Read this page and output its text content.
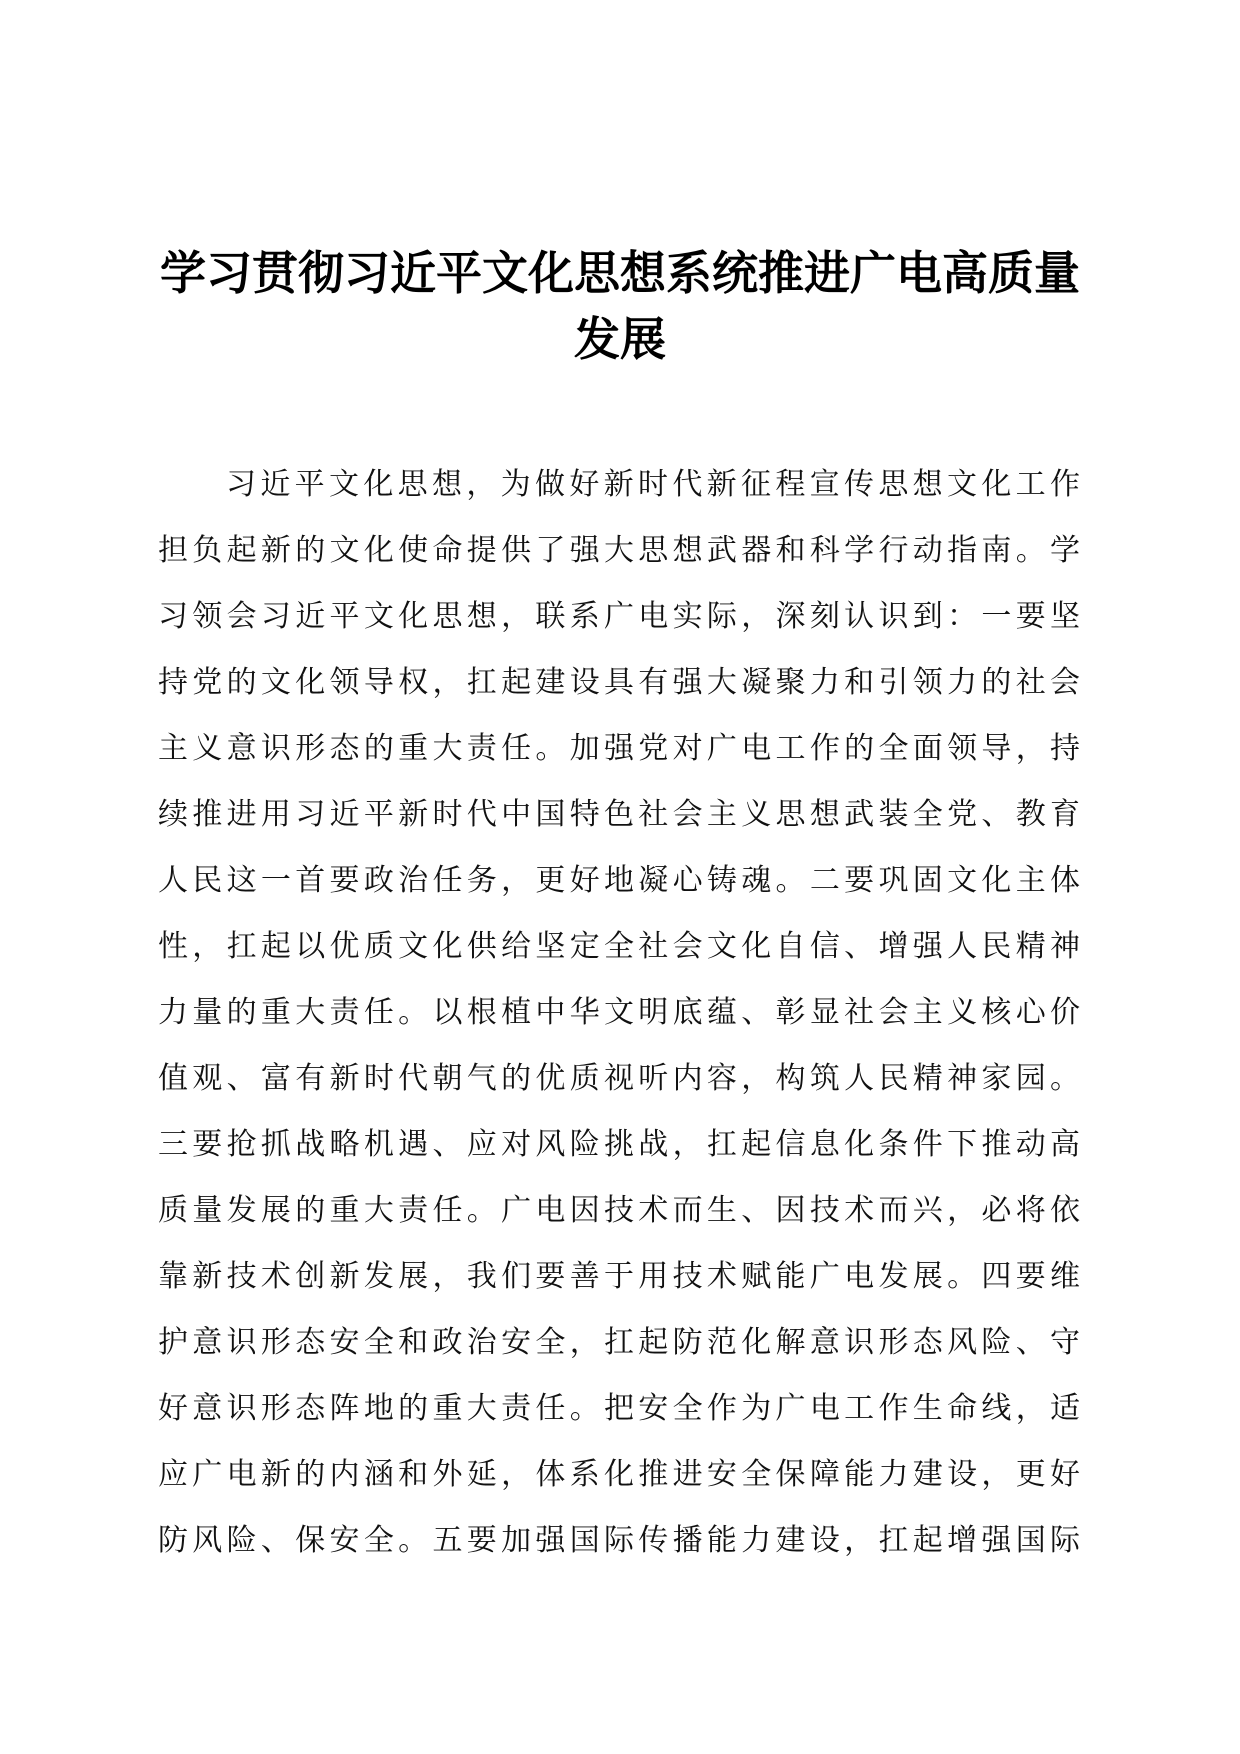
学习贯彻习近平文化思想系统推进广电高质量
发展
习近平文化思想，为做好新时代新征程宣传思想文化工作
担负起新的文化使命提供了强大思想武器和科学行动指南。学
习领会习近平文化思想，联系广电实际，深刻认识到：一要坚
持党的文化领导权，扛起建设具有强大凝聚力和引领力的社会
主义意识形态的重大责任。加强党对广电工作的全面领导，持
续推进用习近平新时代中国特色社会主义思想武装全党、教育
人民这一首要政治任务，更好地凝心铸魂。二要巩固文化主体
性，扛起以优质文化供给坚定全社会文化自信、增强人民精神
力量的重大责任。以根植中华文明底蕴、彰显社会主义核心价
值观、富有新时代朝气的优质视听内容，构筑人民精神家园。
三要抢抓战略机遇、应对风险挑战，扛起信息化条件下推动高
质量发展的重大责任。广电因技术而生、因技术而兴，必将依
靠新技术创新发展，我们要善于用技术赋能广电发展。四要维
护意识形态安全和政治安全，扛起防范化解意识形态风险、守
好意识形态阵地的重大责任。把安全作为广电工作生命线，适
应广电新的内涵和外延，体系化推进安全保障能力建设，更好
防风险、保安全。五要加强国际传播能力建设，扛起增强国际
